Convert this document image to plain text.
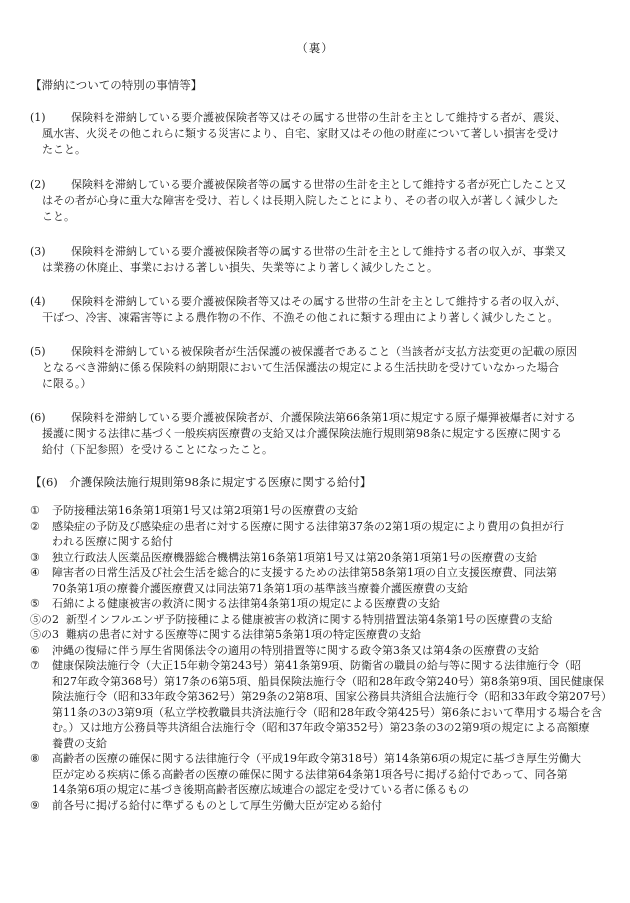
（裏）
【滞納についての特別の事情等】
(1)	　保険料を滞納している要介護被保険者等又はその属する世帯の生計を主として維持する者が、震災、
風水害、火災その他これらに類する災害により、自宅、家財又はその他の財産について著しい損害を受け
たこと。
(2)	　保険料を滞納している要介護被保険者等の属する世帯の生計を主として維持する者が死亡したこと又
はその者が心身に重大な障害を受け、若しくは長期入院したことにより、その者の収入が著しく減少した
こと。
(3)	　保険料を滞納している要介護被保険者等の属する世帯の生計を主として維持する者の収入が、事業又
は業務の休廃止、事業における著しい損失、失業等により著しく減少したこと。
(4)	　保険料を滞納している要介護被保険者等又はその属する世帯の生計を主として維持する者の収入が、
干ばつ、冷害、凍霜害等による農作物の不作、不漁その他これに類する理由により著しく減少したこと。
(5)	　保険料を滞納している被保険者が生活保護の被保護者であること（当該者が支払方法変更の記載の原因
となるべき滞納に係る保険料の納期限において生活保護法の規定による生活扶助を受けていなかった場合
に限る。）
(6)	　保険料を滞納している要介護被保険者が、介護保険法第66条第1項に規定する原子爆弾被爆者に対する
援護に関する法律に基づく一般疾病医療費の支給又は介護保険法施行規則第98条に規定する医療に関する
給付（下記参照）を受けることになったこと。
【(6)　介護保険法施行規則第98条に規定する医療に関する給付】
①	予防接種法第16条第1項第1号又は第2項第1号の医療費の支給
②	感染症の予防及び感染症の患者に対する医療に関する法律第37条の2第1項の規定により費用の負担が行
われる医療に関する給付
③	独立行政法人医薬品医療機器総合機構法第16条第1項第1号又は第20条第1項第1号の医療費の支給
④	障害者の日常生活及び社会生活を総合的に支援するための法律第58条第1項の自立支援医療費、同法第
70条第1項の療養介護医療費又は同法第71条第1項の基準該当療養介護医療費の支給
⑤	石綿による健康被害の救済に関する法律第4条第1項の規定による医療費の支給
⑤の2 新型インフルエンザ予防接種による健康被害の救済に関する特別措置法第4条第1号の医療費の支給
⑤の3 難病の患者に対する医療等に関する法律第5条第1項の特定医療費の支給
⑥	沖縄の復帰に伴う厚生省関係法令の適用の特別措置等に関する政令第3条又は第4条の医療費の支給
⑦	健康保険法施行令（大正15年勅令第243号）第41条第9項、防衛省の職員の給与等に関する法律施行令（昭
和27年政令第368号）第17条の6第5項、船員保険法施行令（昭和28年政令第240号）第8条第9項、国民健康保
険法施行令（昭和33年政令第362号）第29条の2第8項、国家公務員共済組合法施行令（昭和33年政令第207号）
第11条の3の3第9項（私立学校教職員共済法施行令（昭和28年政令第425号）第6条において準用する場合を含
む。）又は地方公務員等共済組合法施行令（昭和37年政令第352号）第23条の3の2第9項の規定による高額療
養費の支給
⑧	高齢者の医療の確保に関する法律施行令（平成19年政令第318号）第14条第6項の規定に基づき厚生労働大
臣が定める疾病に係る高齢者の医療の確保に関する法律第64条第1項各号に掲げる給付であって、同各第
14条第6項の規定に基づき後期高齢者医療広域連合の認定を受けている者に係るもの
⑨	前各号に掲げる給付に準ずるものとして厚生労働大臣が定める給付
